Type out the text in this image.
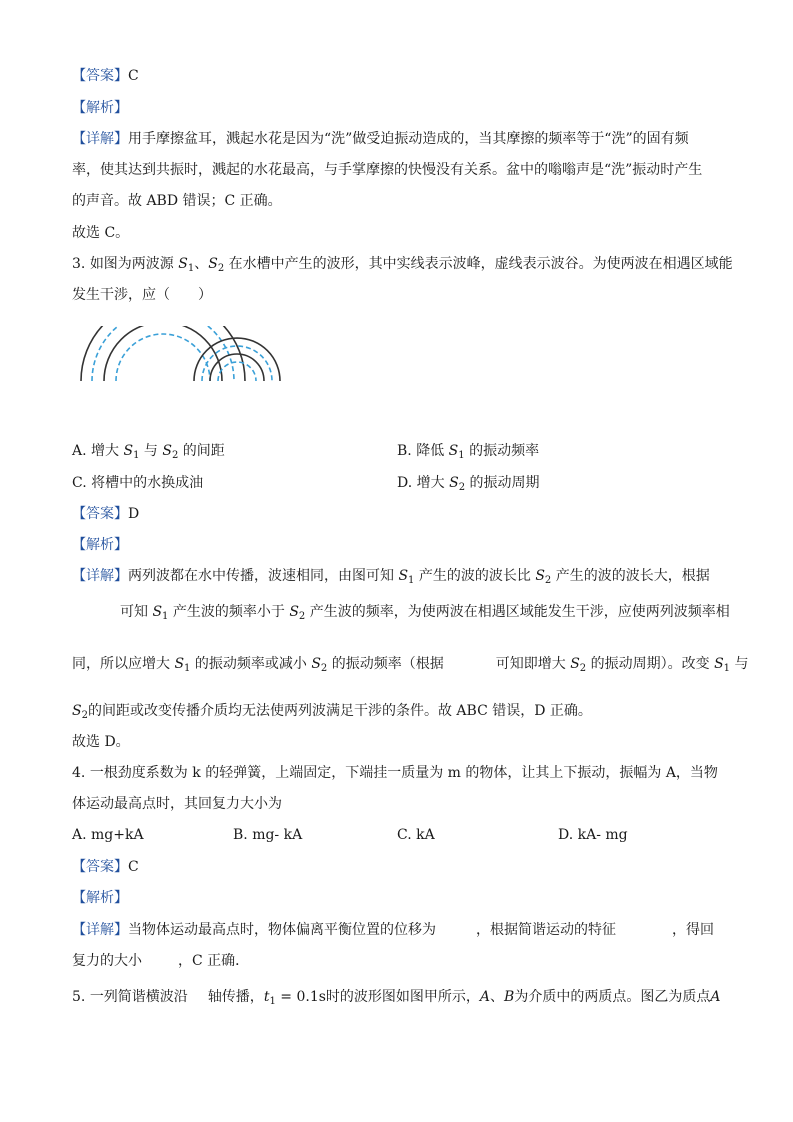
【答案】C
【解析】
【详解】用手摩擦盆耳，溅起水花是因为“洗”做受迫振动造成的，当其摩擦的频率等于“洗”的固有频
率，使其达到共振时，溅起的水花最高，与手掌摩擦的快慢没有关系。盆中的嗡嗡声是“洗”振动时产生
的声音。故 ABD 错误；C 正确。
故选 C。
3. 如图为两波源 $S_1$、$S_2$ 在水槽中产生的波形，其中实线表示波峰，虚线表示波谷。为使两波在相遇区域能
发生干涉，应（　　）
A. 增大 $S_1$ 与 $S_2$ 的间距	B. 降低 $S_1$ 的振动频率
C. 将槽中的水换成油	D. 增大 $S_2$ 的振动周期
【答案】D
【解析】
【详解】两列波都在水中传播，波速相同，由图可知 $S_1$ 产生的波的波长比 $S_2$ 产生的波的波长大，根据
可知 $S_1$ 产生波的频率小于 $S_2$ 产生波的频率，为使两波在相遇区域能发生干涉，应使两列波频率相
同，所以应增大 $S_1$ 的振动频率或减小 $S_2$ 的振动频率（根据	可知即增大 $S_2$ 的振动周期）。改变 $S_1$ 与
$S_2$的间距或改变传播介质均无法使两列波满足干涉的条件。故 ABC 错误，D 正确。
故选 D。
4. 一根劲度系数为 k 的轻弹簧，上端固定，下端挂一质量为 m 的物体，让其上下振动，振幅为 A，当物
体运动最高点时，其回复力大小为
A. mg+kA	B. mg- kA	C. kA	D. kA- mg
【答案】C
【解析】
【详解】当物体运动最高点时，物体偏离平衡位置的位移为	，根据简谐运动的特征	，得回
复力的大小	，C 正确．
5. 一列简谐横波沿 轴传播，$t_1 = 0.1s$时的波形图如图甲所示，A、B为介质中的两质点。图乙为质点A
